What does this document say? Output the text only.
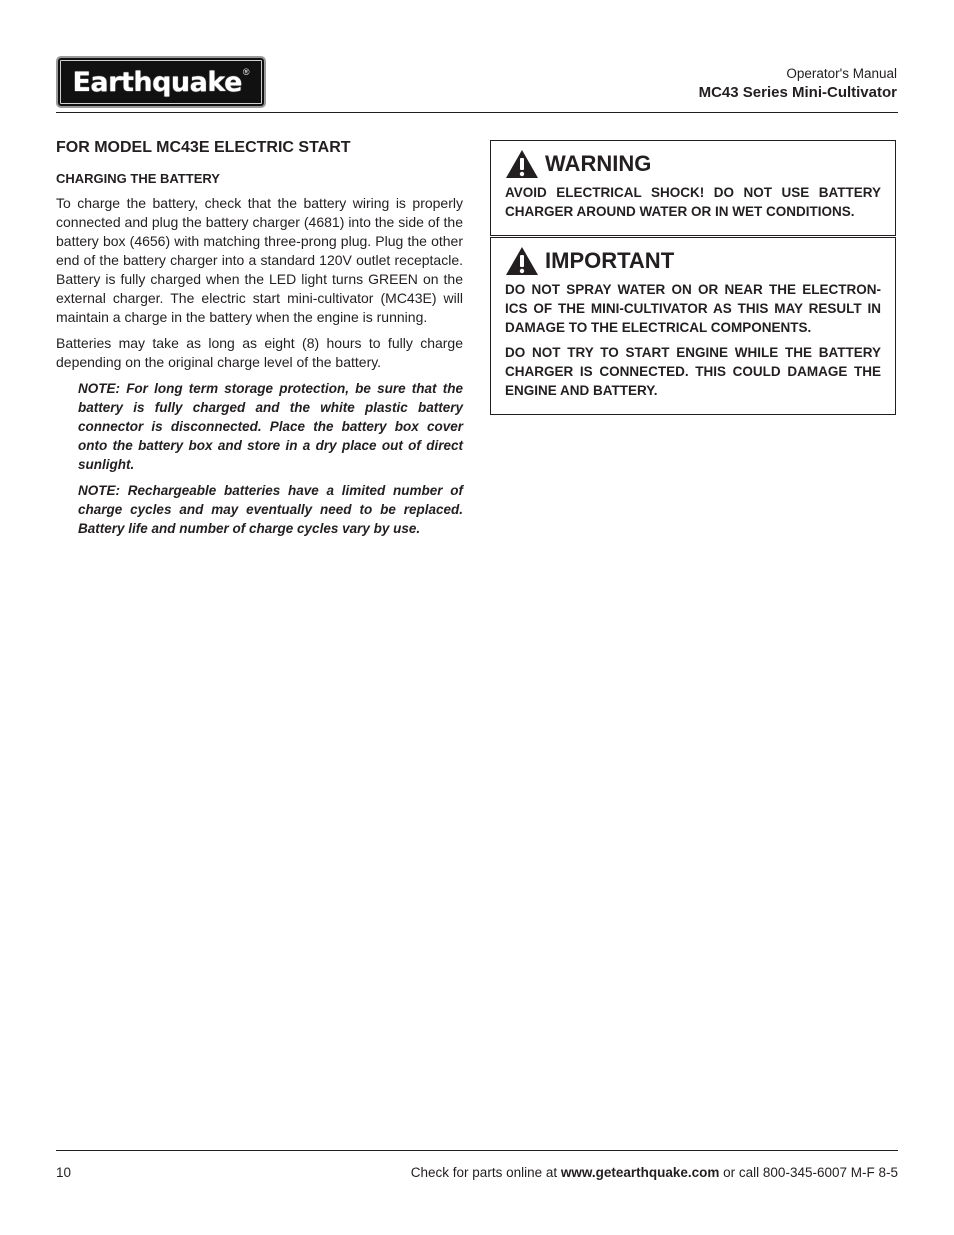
Earthquake ®	Operator's Manual
MC43 Series Mini-Cultivator
FOR MODEL MC43E ELECTRIC START
CHARGING THE BATTERY

To charge the battery, check that the battery wiring is properly connected and plug the battery charger (4681) into the side of the battery box (4656) with matching three-prong plug. Plug the other end of the battery charger into a standard 120V outlet receptacle. Battery is fully charged when the LED light turns GREEN on the external charger. The electric start mini-cultivator (MC43E) will maintain a charge in the battery when the engine is running.

Batteries may take as long as eight (8) hours to fully charge depending on the original charge level of the battery.

NOTE: For long term storage protection, be sure that the battery is fully charged and the white plastic battery connector is disconnected. Place the battery box cover onto the battery box and store in a dry place out of direct sunlight.

NOTE: Rechargeable batteries have a limited number of charge cycles and may eventually need to be replaced. Battery life and number of charge cycles vary by use.

WARNING

AVOID ELECTRICAL SHOCK! DO NOT USE BATTERY CHARGER AROUND WATER OR IN WET CONDITIONS.

IMPORTANT

DO NOT SPRAY WATER ON OR NEAR THE ELECTRON-ICS OF THE MINI-CULTIVATOR AS THIS MAY RESULT IN DAMAGE TO THE ELECTRICAL COMPONENTS.

DO NOT TRY TO START ENGINE WHILE THE BATTERY CHARGER IS CONNECTED. THIS COULD DAMAGE THE ENGINE AND BATTERY.

10	Check for parts online at www.getearthquake.com or call 800-345-6007 M-F 8-5
